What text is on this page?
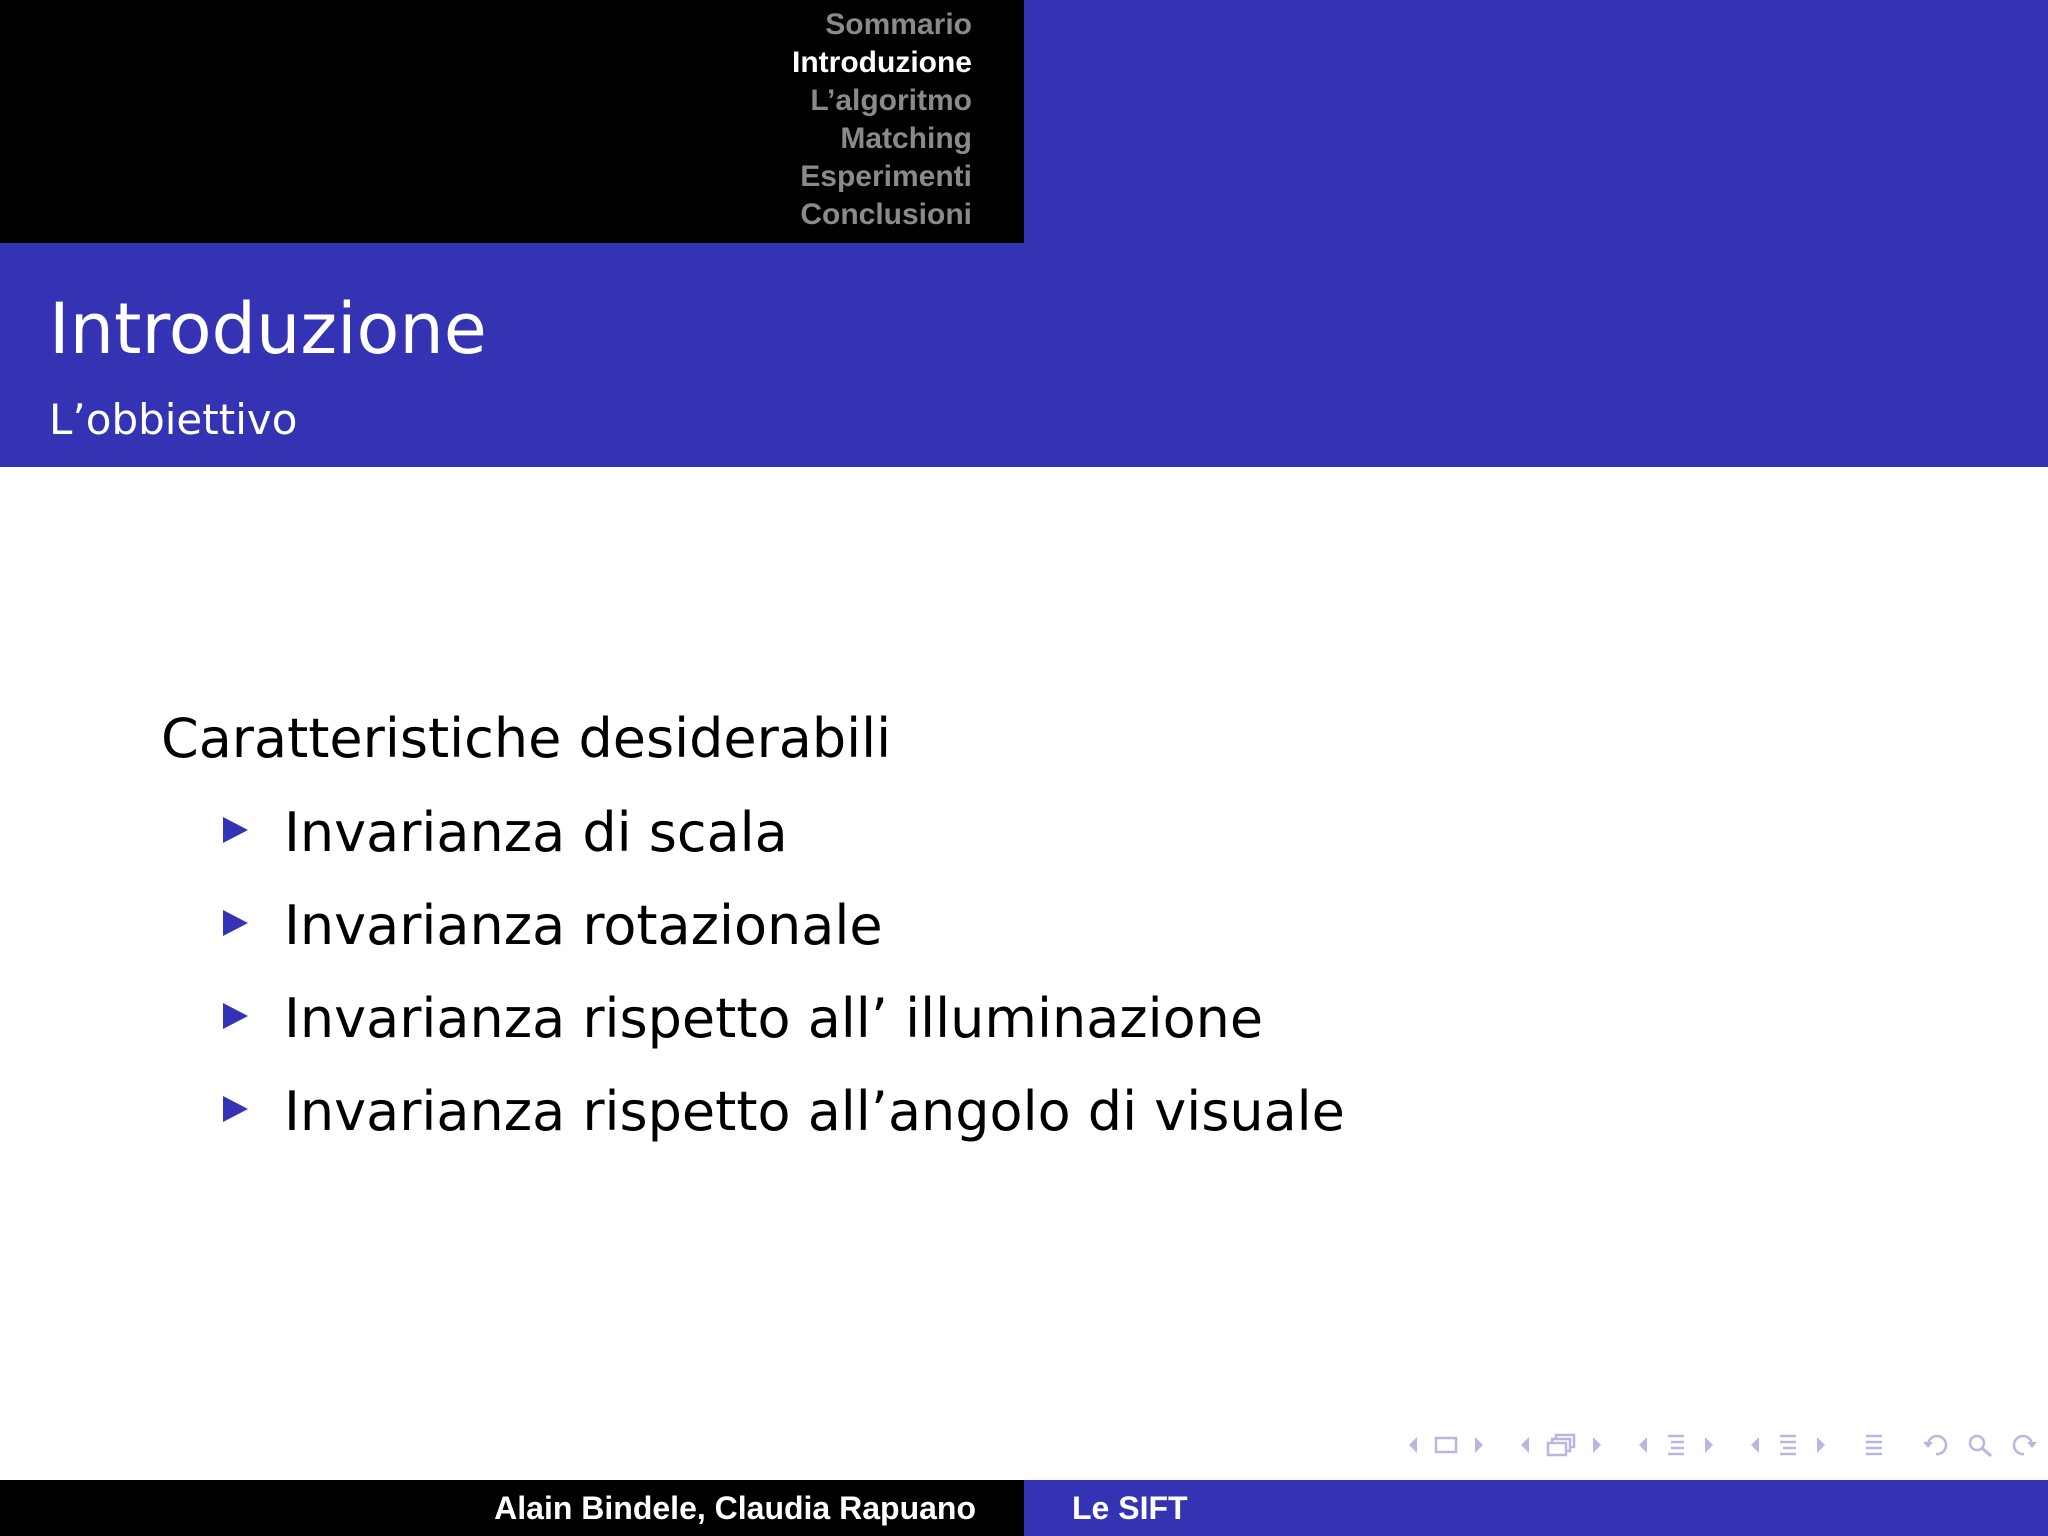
Sommario
Introduzione
L’algoritmo
Matching
Esperimenti
Conclusioni
Introduzione
L’obbiettivo
Caratteristiche desiderabili
Invarianza di scala
Invarianza rotazionale
Invarianza rispetto all’ illuminazione
Invarianza rispetto all’angolo di visuale
Alain Bindele, Claudia Rapuano	Le SIFT
